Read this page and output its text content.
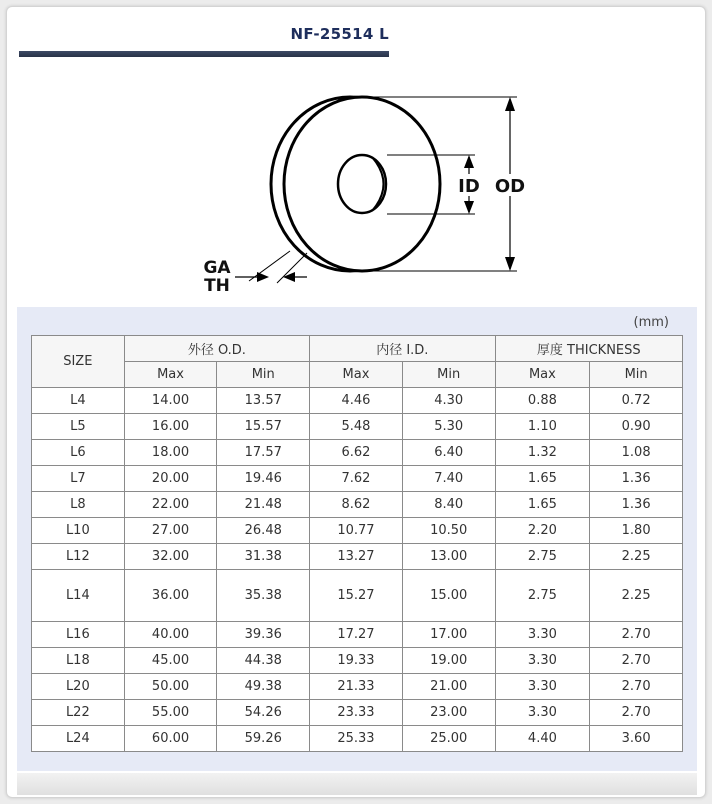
NF-25514 L
OD
ID
GA
TH
(mm)
SIZE	外径 O.D.		内径 I.D.		厚度 THICKNESS	
	Max	Min	Max	Min	Max	Min
L4	14.00	13.57	4.46	4.30	0.88	0.72
L5	16.00	15.57	5.48	5.30	1.10	0.90
L6	18.00	17.57	6.62	6.40	1.32	1.08
L7	20.00	19.46	7.62	7.40	1.65	1.36
L8	22.00	21.48	8.62	8.40	1.65	1.36
L10	27.00	26.48	10.77	10.50	2.20	1.80
L12	32.00	31.38	13.27	13.00	2.75	2.25
L14	36.00	35.38	15.27	15.00	2.75	2.25
L16	40.00	39.36	17.27	17.00	3.30	2.70
L18	45.00	44.38	19.33	19.00	3.30	2.70
L20	50.00	49.38	21.33	21.00	3.30	2.70
L22	55.00	54.26	23.33	23.00	3.30	2.70
L24	60.00	59.26	25.33	25.00	4.40	3.60
